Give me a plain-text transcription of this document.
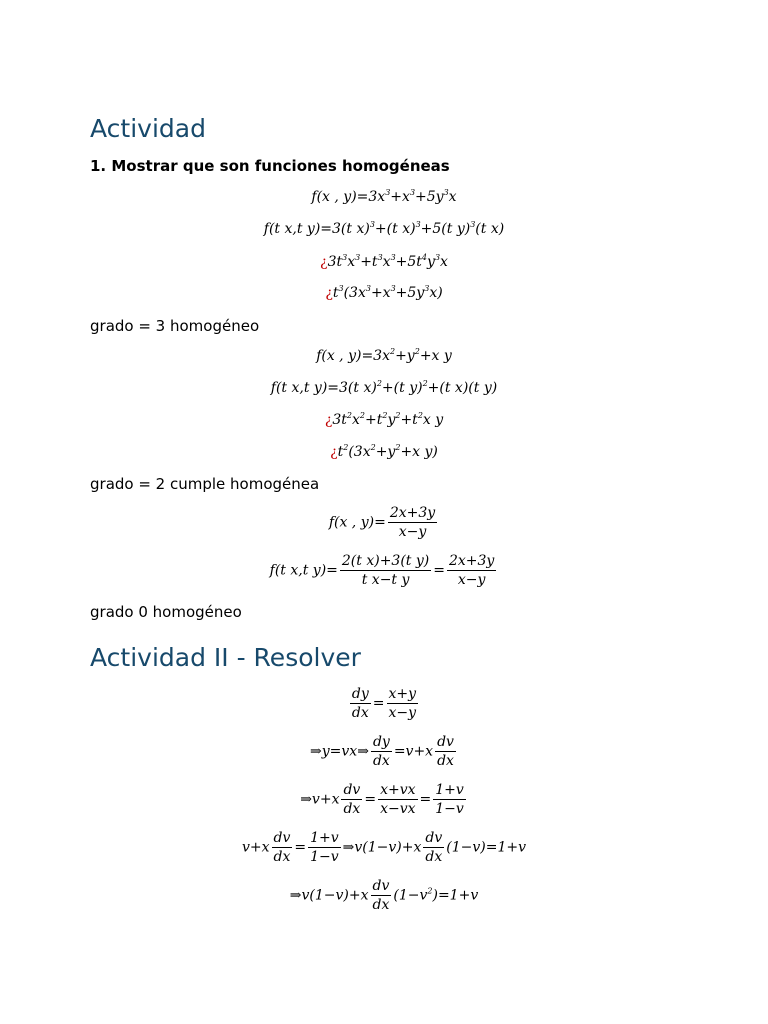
Actividad
1. Mostrar que son funciones homogéneas
f(x , $y)=3x^3+x^3+5y^3x$
f(t x,t y)=3(t x)$^3$+(t x)$^3$+5(t y)$^3$(t x)
¿$3t^3x^3+t^3x^3+5t^4y^3x$
¿$t^3(3x^3+x^3+5y^3x)$
grado = 3 homogéneo
f(x , $y)=3x^2+y^2+x$ y
f(t x,t y)=3(t x)$^2$+(t y)$^2$+(t x)(t y)
¿$3t^2x^2+t^2y^2+t^2x$ y
¿$t^2(3x^2+y^2+x$ y)
grado = 2 cumple homogénea
f(x , $y)= \frac{2x+3y}{x-y}$
f(t x,t $y)= \frac{\text{2(t x)+3(t y)}}{\text{t x−t y}} = \frac{2x+3y}{x-y}$
grado 0 homogéneo
Actividad II - Resolver
$\frac{dy}{dx} = \frac{x+y}{x-y}$
⇒y=vx⇒ $\frac{dy}{dx} =v+x \frac{dv}{dx}$
⇒v+x $\frac{dv}{dx} = \frac{x+vx}{x-vx} = \frac{1+v}{1-v}$
$v+x \frac{dv}{dx} = \frac{1+v}{1-v}$ ⇒v(1−v)+x $\frac{dv}{dx} (1-v)=1+v$
⇒v(1−v)+x $\frac{dv}{dx} (1-v^2)=1+v$
